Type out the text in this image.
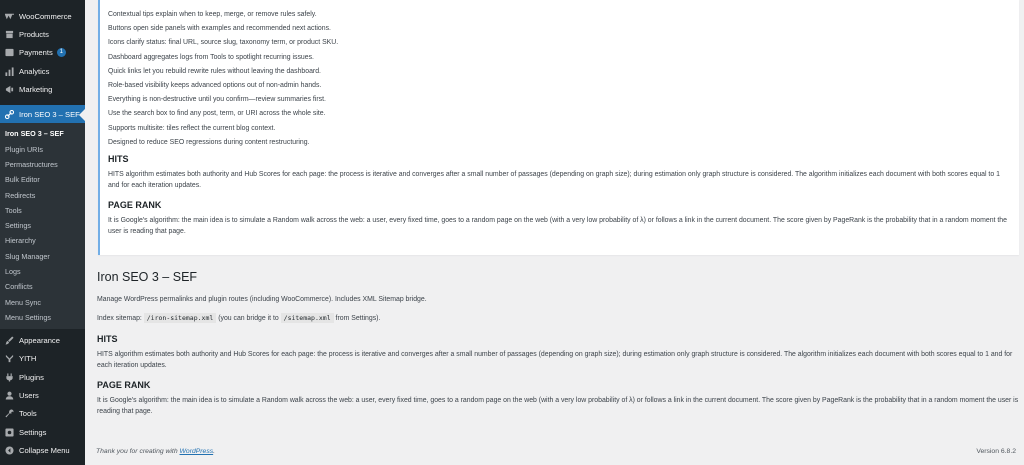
WooCommerce
Products
Payments	1
Analytics
Marketing
Iron SEO 3 – SEF
Iron SEO 3 – SEF
Plugin URIs
Permastructures
Bulk Editor
Redirects
Tools
Settings
Hierarchy
Slug Manager
Logs
Conflicts
Menu Sync
Menu Settings
Appearance
YITH
Plugins
Users
Tools
Settings
Collapse Menu
Contextual tips explain when to keep, merge, or remove rules safely.
Buttons open side panels with examples and recommended next actions.
Icons clarify status: final URL, source slug, taxonomy term, or product SKU.
Dashboard aggregates logs from Tools to spotlight recurring issues.
Quick links let you rebuild rewrite rules without leaving the dashboard.
Role-based visibility keeps advanced options out of non-admin hands.
Everything is non-destructive until you confirm—review summaries first.
Use the search box to find any post, term, or URI across the whole site.
Supports multisite: tiles reflect the current blog context.
Designed to reduce SEO regressions during content restructuring.
HITS

HITS algorithm estimates both authority and Hub Scores for each page: the process is iterative and converges after a small number of passages (depending on graph size); during estimation only graph structure is considered. The algorithm initializes each document with both scores equal to 1 and for each iteration updates.

PAGE RANK

It is Google's algorithm: the main idea is to simulate a Random walk across the web: a user, every fixed time, goes to a random page on the web (with a very low probability of λ) or follows a link in the current document. The score given by PageRank is the probability that in a random moment the user is reading that page.

Iron SEO 3 – SEF

Manage WordPress permalinks and plugin routes (including WooCommerce). Includes XML Sitemap bridge.

Index sitemap: /iron-sitemap.xml (you can bridge it to /sitemap.xml from Settings).

HITS

HITS algorithm estimates both authority and Hub Scores for each page: the process is iterative and converges after a small number of passages (depending on graph size); during estimation only graph structure is considered. The algorithm initializes each document with both scores equal to 1 and for each iteration updates.

PAGE RANK

It is Google's algorithm: the main idea is to simulate a Random walk across the web: a user, every fixed time, goes to a random page on the web (with a very low probability of λ) or follows a link in the current document. The score given by PageRank is the probability that in a random moment the user is reading that page.

Thank you for creating with WordPress.	Version 6.8.2
